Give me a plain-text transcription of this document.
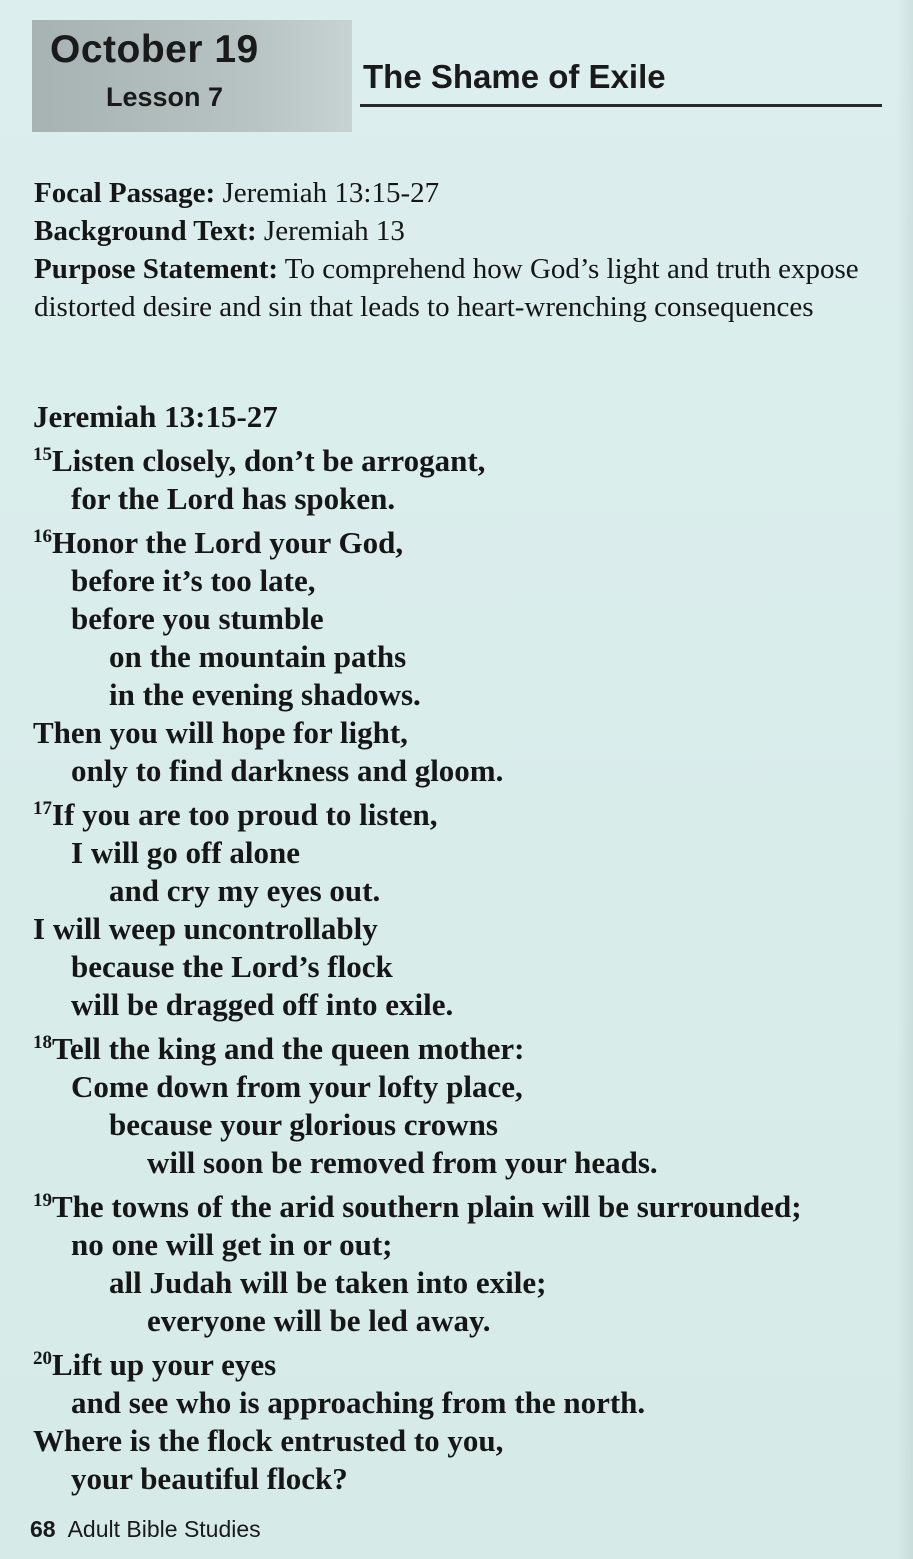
October 19
Lesson 7
The Shame of Exile
Focal Passage: Jeremiah 13:15-27
Background Text: Jeremiah 13
Purpose Statement: To comprehend how God’s light and truth expose distorted desire and sin that leads to heart-wrenching consequences
Jeremiah 13:15-27
$^{15}$Listen closely, don’t be arrogant,
for the Lord has spoken.
$^{16}$Honor the Lord your God,
before it’s too late,
before you stumble
on the mountain paths
in the evening shadows.
Then you will hope for light,
only to find darkness and gloom.
$^{17}$If you are too proud to listen,
I will go off alone
and cry my eyes out.
I will weep uncontrollably
because the Lord’s flock
will be dragged off into exile.
$^{18}$Tell the king and the queen mother:
Come down from your lofty place,
because your glorious crowns
will soon be removed from your heads.
$^{19}$The towns of the arid southern plain will be surrounded;
no one will get in or out;
all Judah will be taken into exile;
everyone will be led away.
$^{20}$Lift up your eyes
and see who is approaching from the north.
Where is the flock entrusted to you,
your beautiful flock?
68 Adult Bible Studies
